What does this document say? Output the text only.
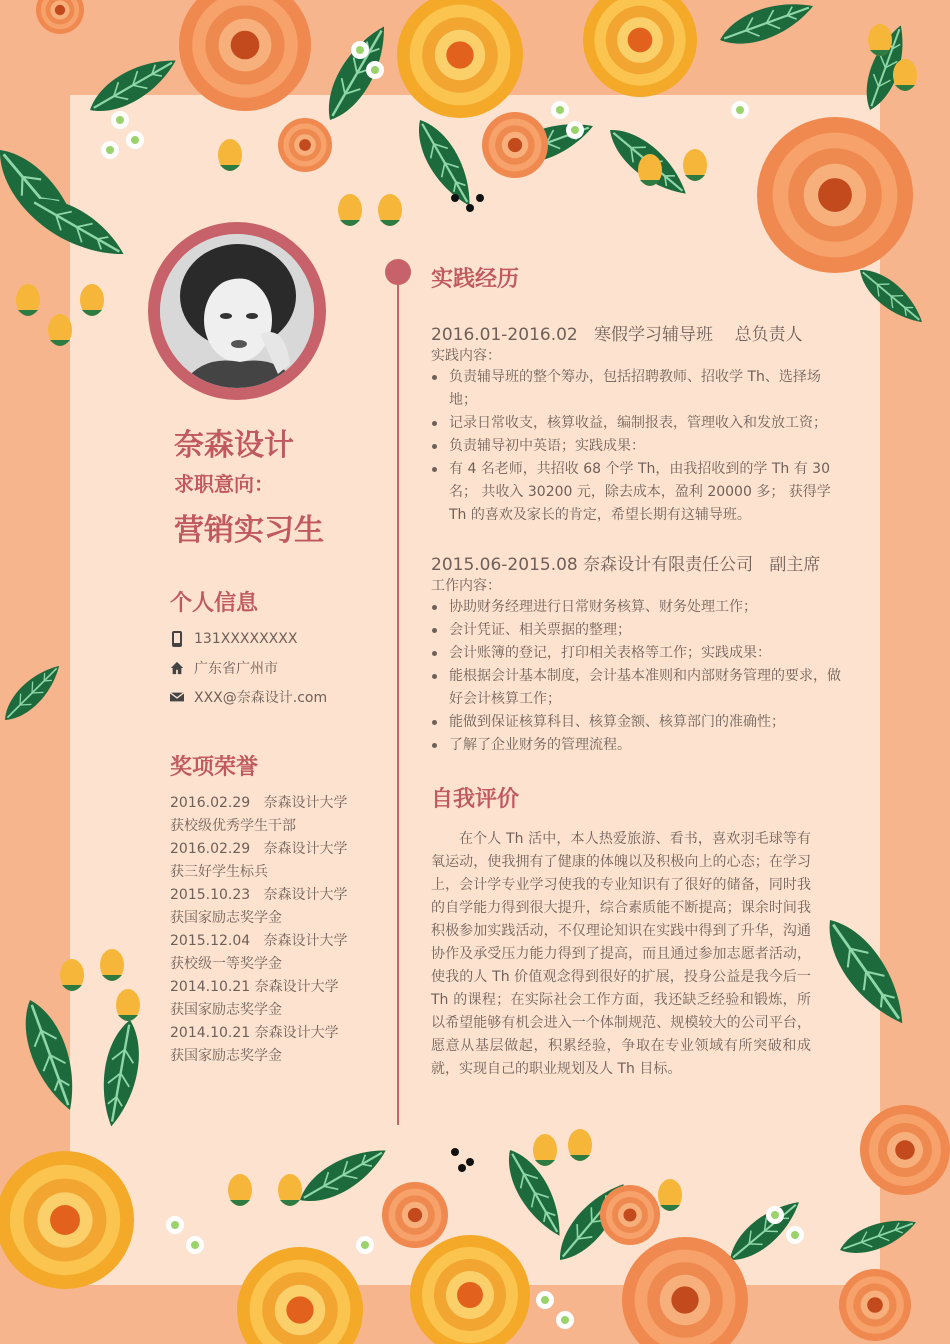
奈森设计
求职意向：
营销实习生
个人信息
131XXXXXXXX
广东省广州市
XXX@奈森设计.com
奖项荣誉
2016.02.29 奈森设计大学
获校级优秀学生干部
2016.02.29 奈森设计大学
获三好学生标兵
2015.10.23 奈森设计大学
获国家励志奖学金
2015.12.04 奈森设计大学
获校级一等奖学金
2014.10.21 奈森设计大学
获国家励志奖学金
2014.10.21 奈森设计大学
获国家励志奖学金
实践经历
2016.01-2016.02 寒假学习辅导班 总负责人
实践内容：
负责辅导班的整个筹办，包括招聘教师、招收学 Th、选择场地；
记录日常收支，核算收益，编制报表，管理收入和发放工资；
负责辅导初中英语；实践成果：
有 4 名老师，共招收 68 个学 Th，由我招收到的学 Th 有 30 名； 共收入 30200 元，除去成本，盈利 20000 多； 获得学 Th 的喜欢及家长的肯定，希望长期有这辅导班。
2015.06-2015.08 奈森设计有限责任公司 副主席
工作内容：
协助财务经理进行日常财务核算、财务处理工作；
会计凭证、相关票据的整理；
会计账簿的登记，打印相关表格等工作；实践成果：
能根据会计基本制度，会计基本准则和内部财务管理的要求，做好会计核算工作；
能做到保证核算科目、核算金额、核算部门的准确性；
了解了企业财务的管理流程。
自我评价
在个人 Th 活中，本人热爱旅游、看书，喜欢羽毛球等有氧运动，使我拥有了健康的体魄以及积极向上的心态；在学习上，会计学专业学习使我的专业知识有了很好的储备，同时我的自学能力得到很大提升，综合素质能不断提高；课余时间我积极参加实践活动，不仅理论知识在实践中得到了升华，沟通协作及承受压力能力得到了提高，而且通过参加志愿者活动，使我的人 Th 价值观念得到很好的扩展，投身公益是我今后一 Th 的课程；在实际社会工作方面，我还缺乏经验和锻炼，所以希望能够有机会进入一个体制规范、规模较大的公司平台，愿意从基层做起，积累经验，争取在专业领域有所突破和成就，实现自己的职业规划及人 Th 目标。
